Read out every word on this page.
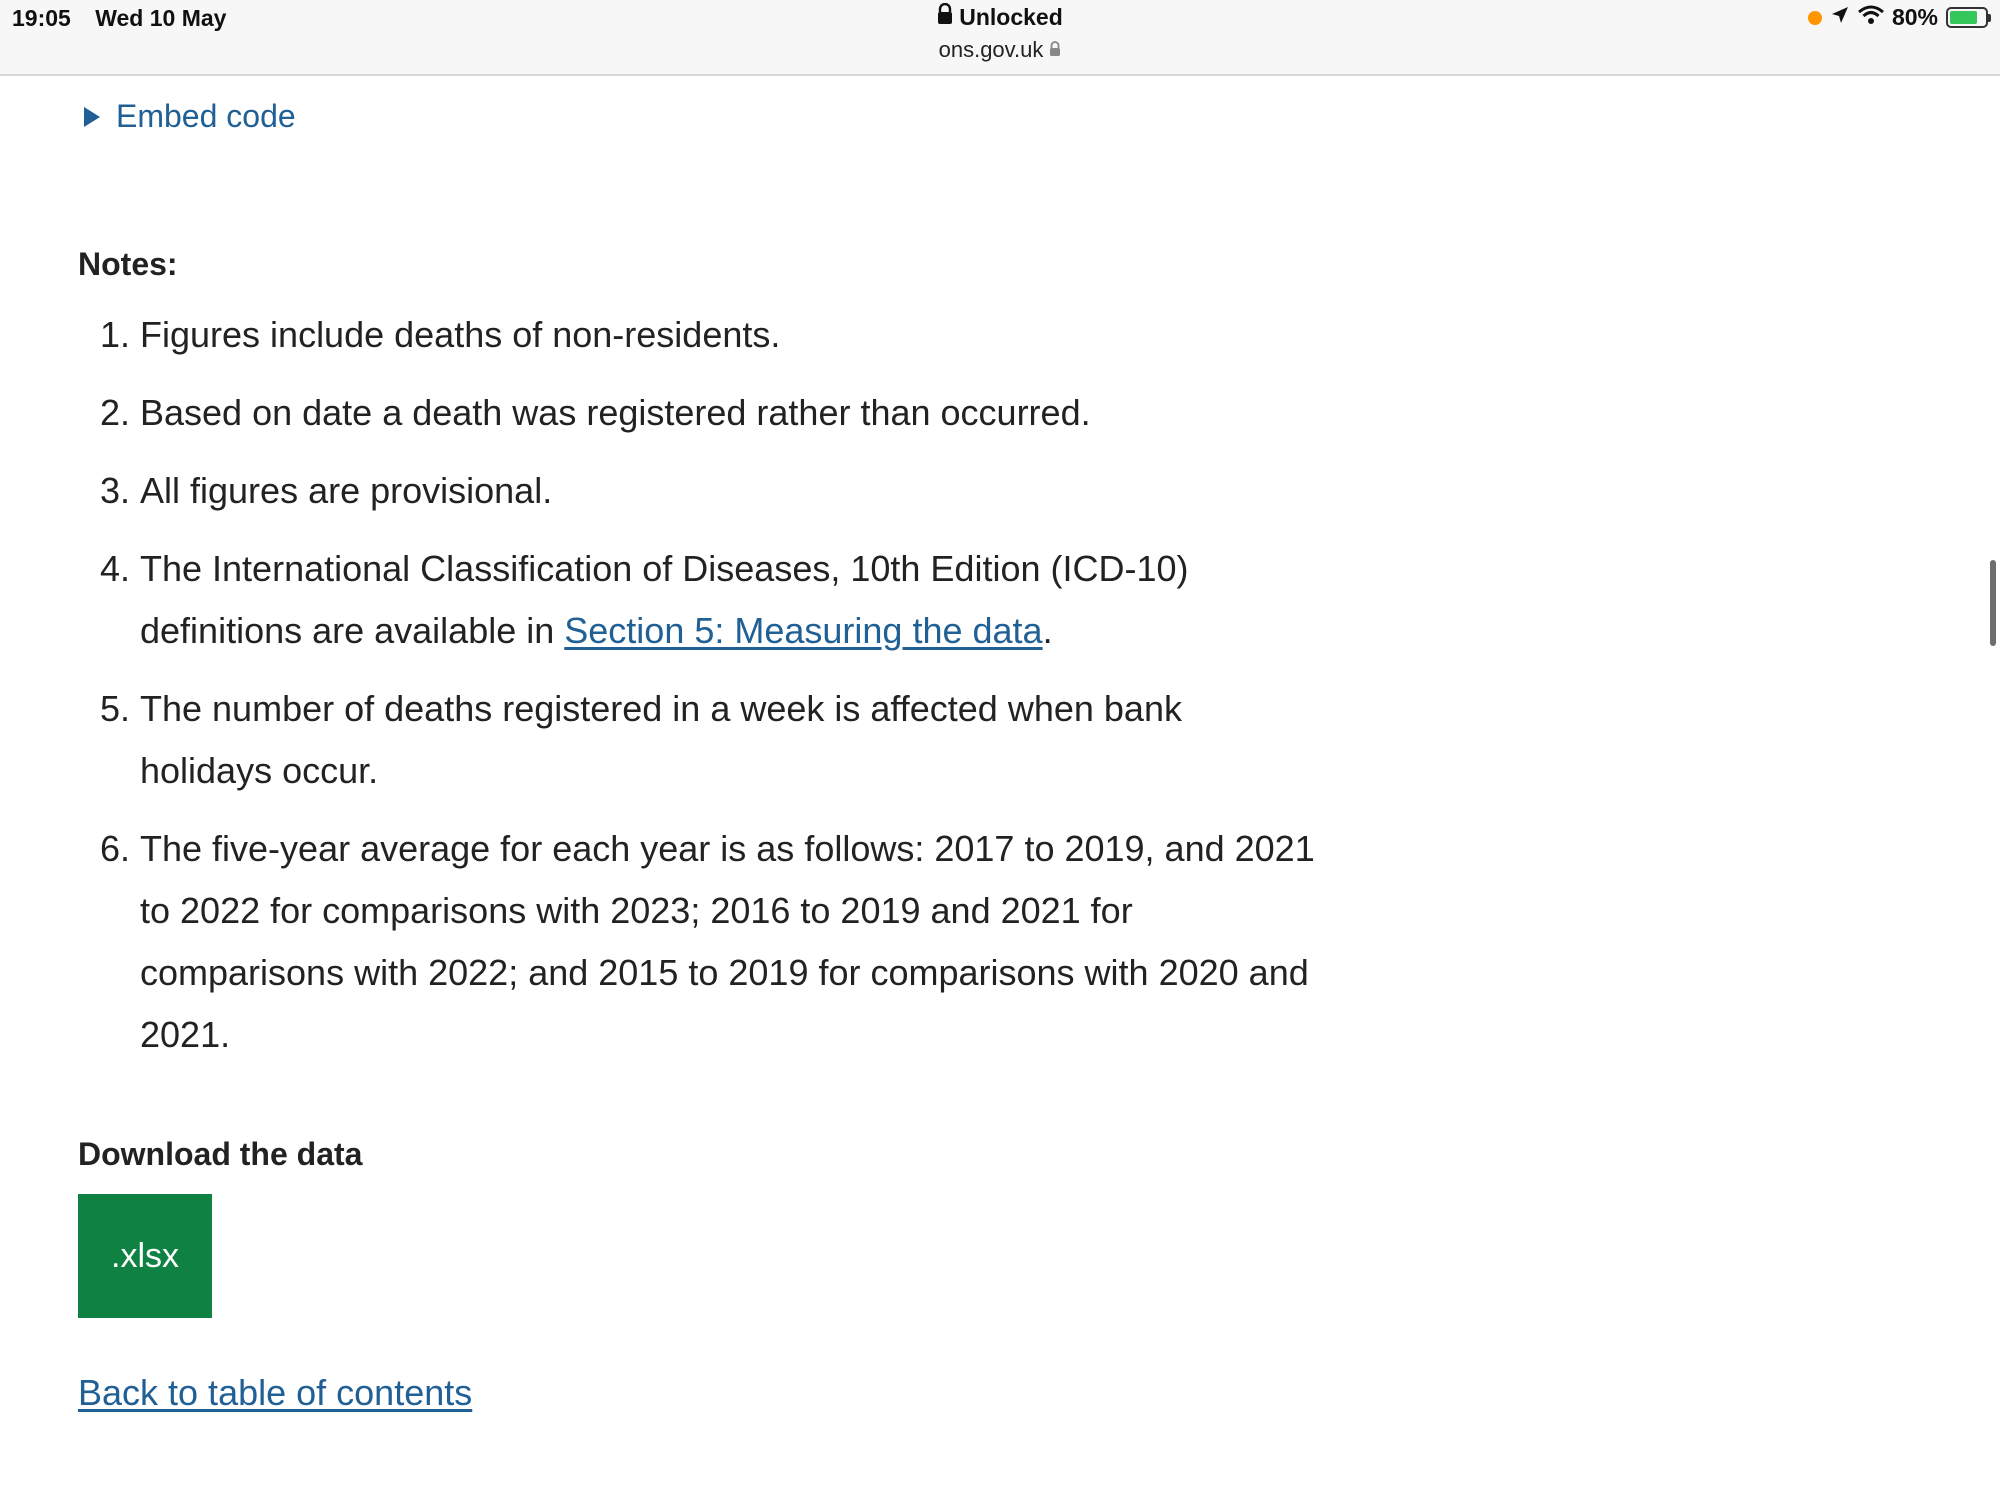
19:05 Wed 10 May	Unlocked
ons.gov.uk
80%
Embed code
Notes:
1. Figures include deaths of non-residents.
2. Based on date a death was registered rather than occurred.
3. All figures are provisional.
4. The International Classification of Diseases, 10th Edition (ICD-10) definitions are available in Section 5: Measuring the data.
5. The number of deaths registered in a week is affected when bank holidays occur.
6. The five-year average for each year is as follows: 2017 to 2019, and 2021 to 2022 for comparisons with 2023; 2016 to 2019 and 2021 for comparisons with 2022; and 2015 to 2019 for comparisons with 2020 and 2021.
Download the data
.xlsx
Back to table of contents
